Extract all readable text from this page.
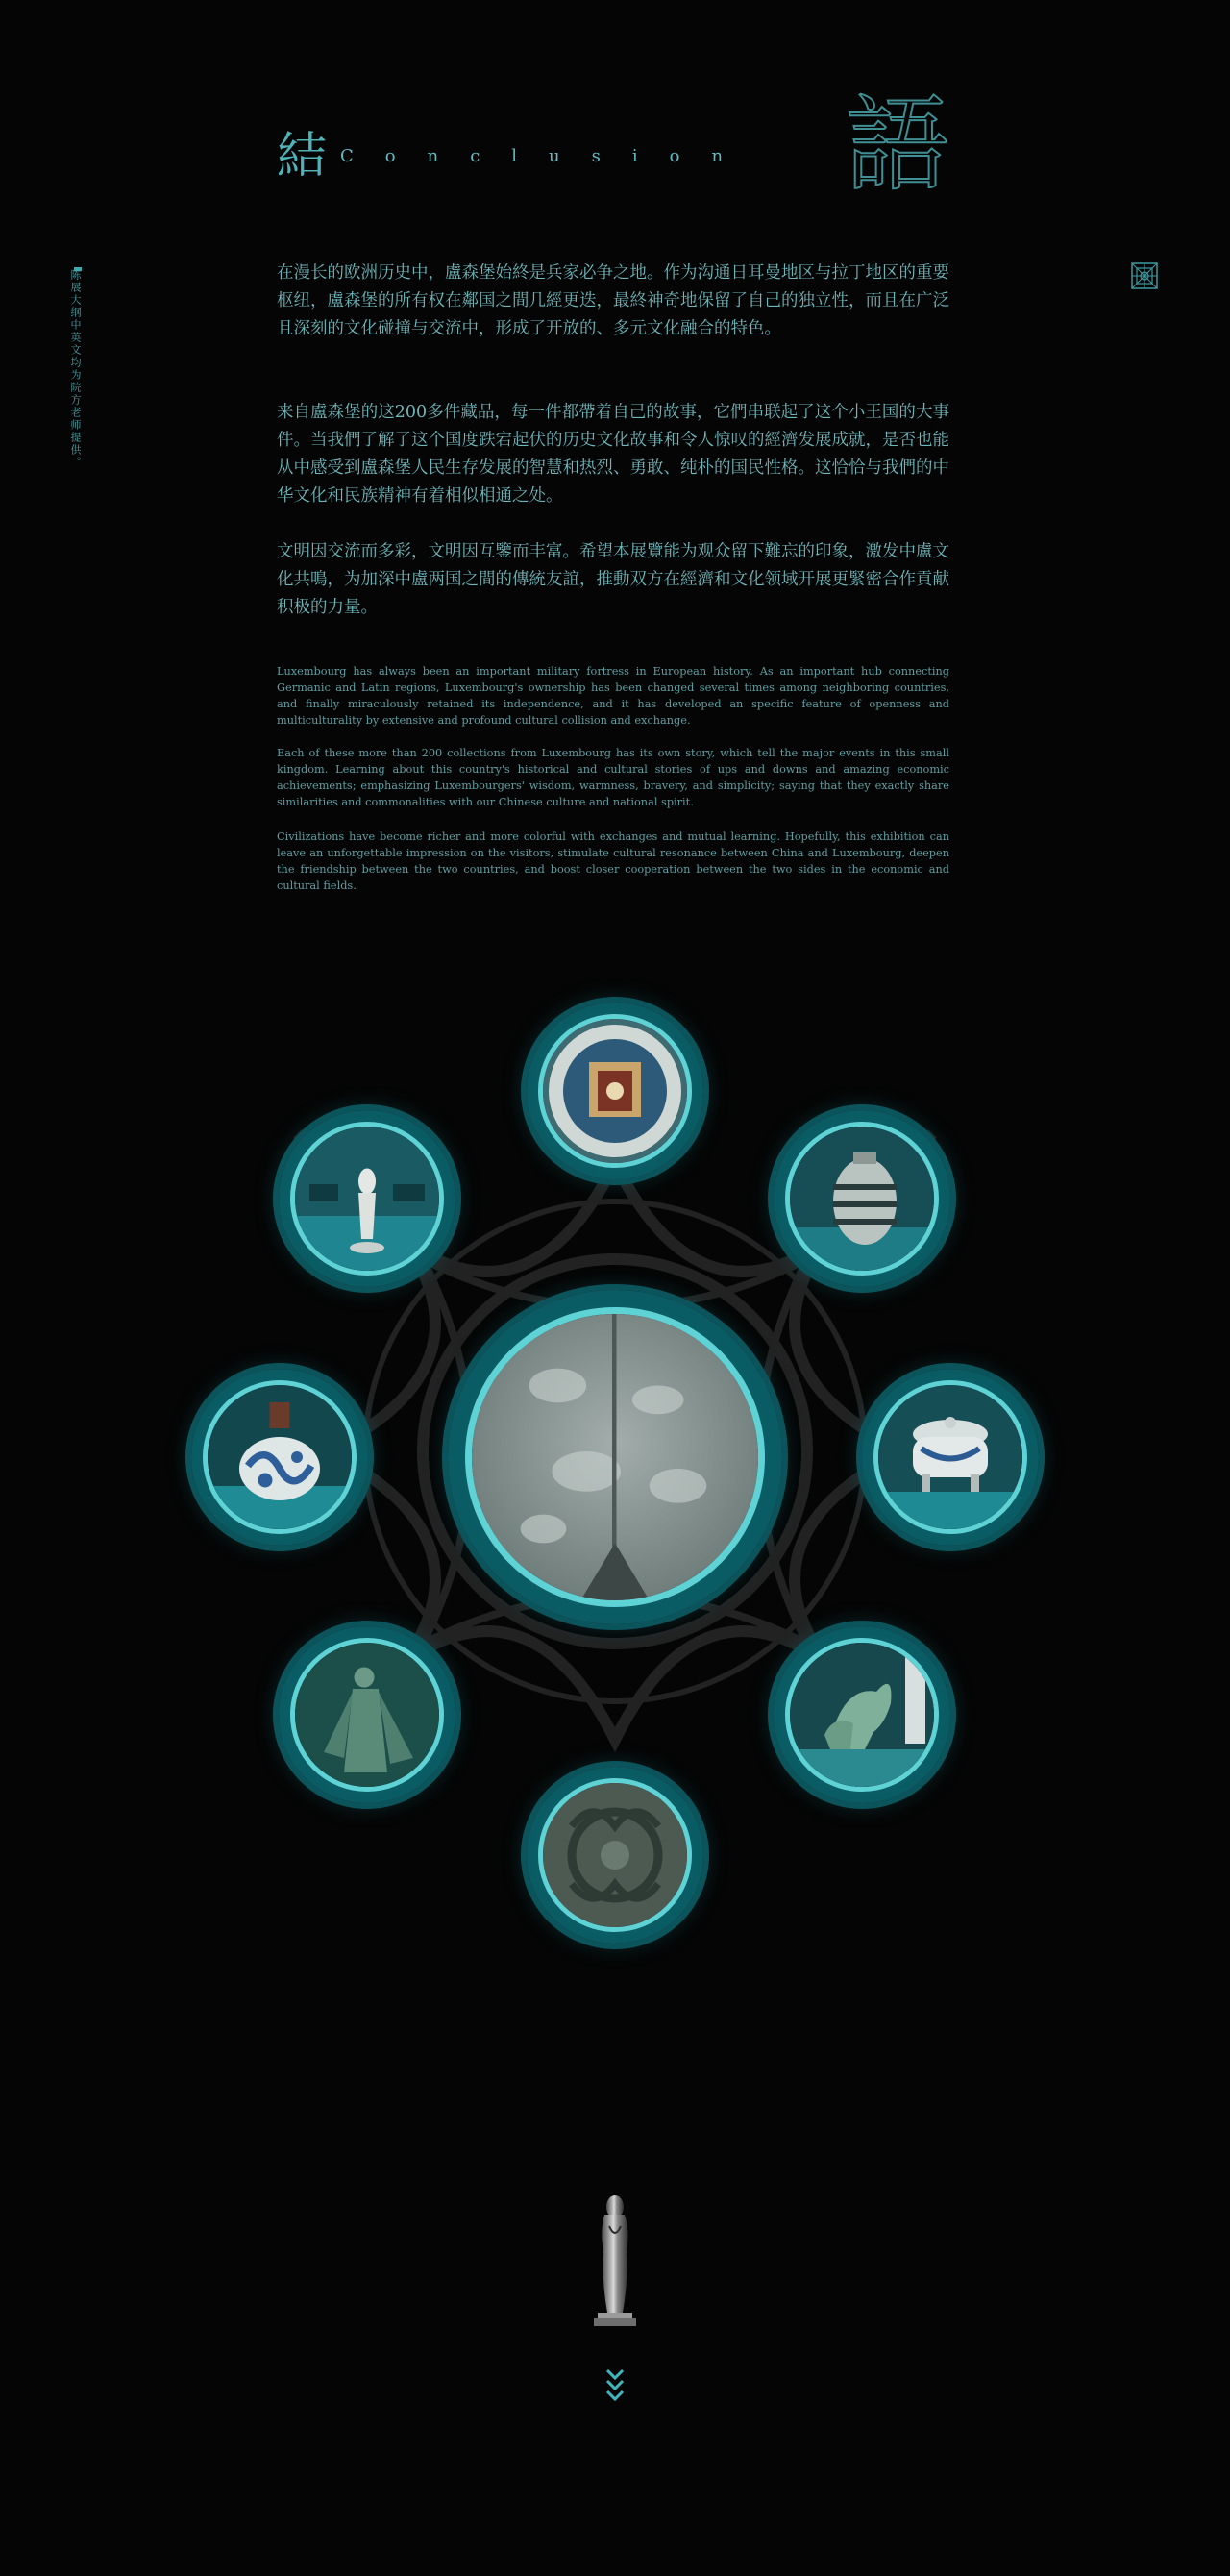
陈展大纲中英文均为院方老师提供。
結 Conclusion 語

在漫长的欧洲历史中，盧森堡始終是兵家必争之地。作为沟通日耳曼地区与拉丁地区的重要枢纽，盧森堡的所有权在鄰国之間几經更迭，最終神奇地保留了自己的独立性，而且在广泛且深刻的文化碰撞与交流中，形成了开放的、多元文化融合的特色。

来自盧森堡的这200多件藏品，每一件都帶着自己的故事，它們串联起了这个小王国的大事件。当我們了解了这个国度跌宕起伏的历史文化故事和令人惊叹的經濟发展成就，是否也能从中感受到盧森堡人民生存发展的智慧和热烈、勇敢、纯朴的国民性格。这恰恰与我們的中华文化和民族精神有着相似相通之处。

文明因交流而多彩，文明因互鑒而丰富。希望本展覽能为观众留下難忘的印象，激发中盧文化共鳴，为加深中盧两国之間的傳統友誼，推動双方在經濟和文化领域开展更緊密合作貢献积极的力量。

Luxembourg has always been an important military fortress in European history. As an important hub connecting Germanic and Latin regions, Luxembourg's ownership has been changed several times among neighboring countries, and finally miraculously retained its independence, and it has developed an specific feature of openness and multiculturality by extensive and profound cultural collision and exchange.

Each of these more than 200 collections from Luxembourg has its own story, which tell the major events in this small kingdom. Learning about this country's historical and cultural stories of ups and downs and amazing economic achievements; emphasizing Luxembourgers' wisdom, warmness, bravery, and simplicity; saying that they exactly share similarities and commonalities with our Chinese culture and national spirit.

Civilizations have become richer and more colorful with exchanges and mutual learning. Hopefully, this exhibition can leave an unforgettable impression on the visitors, stimulate cultural resonance between China and Luxembourg, deepen the friendship between the two countries, and boost closer cooperation between the two sides in the economic and cultural fields.
